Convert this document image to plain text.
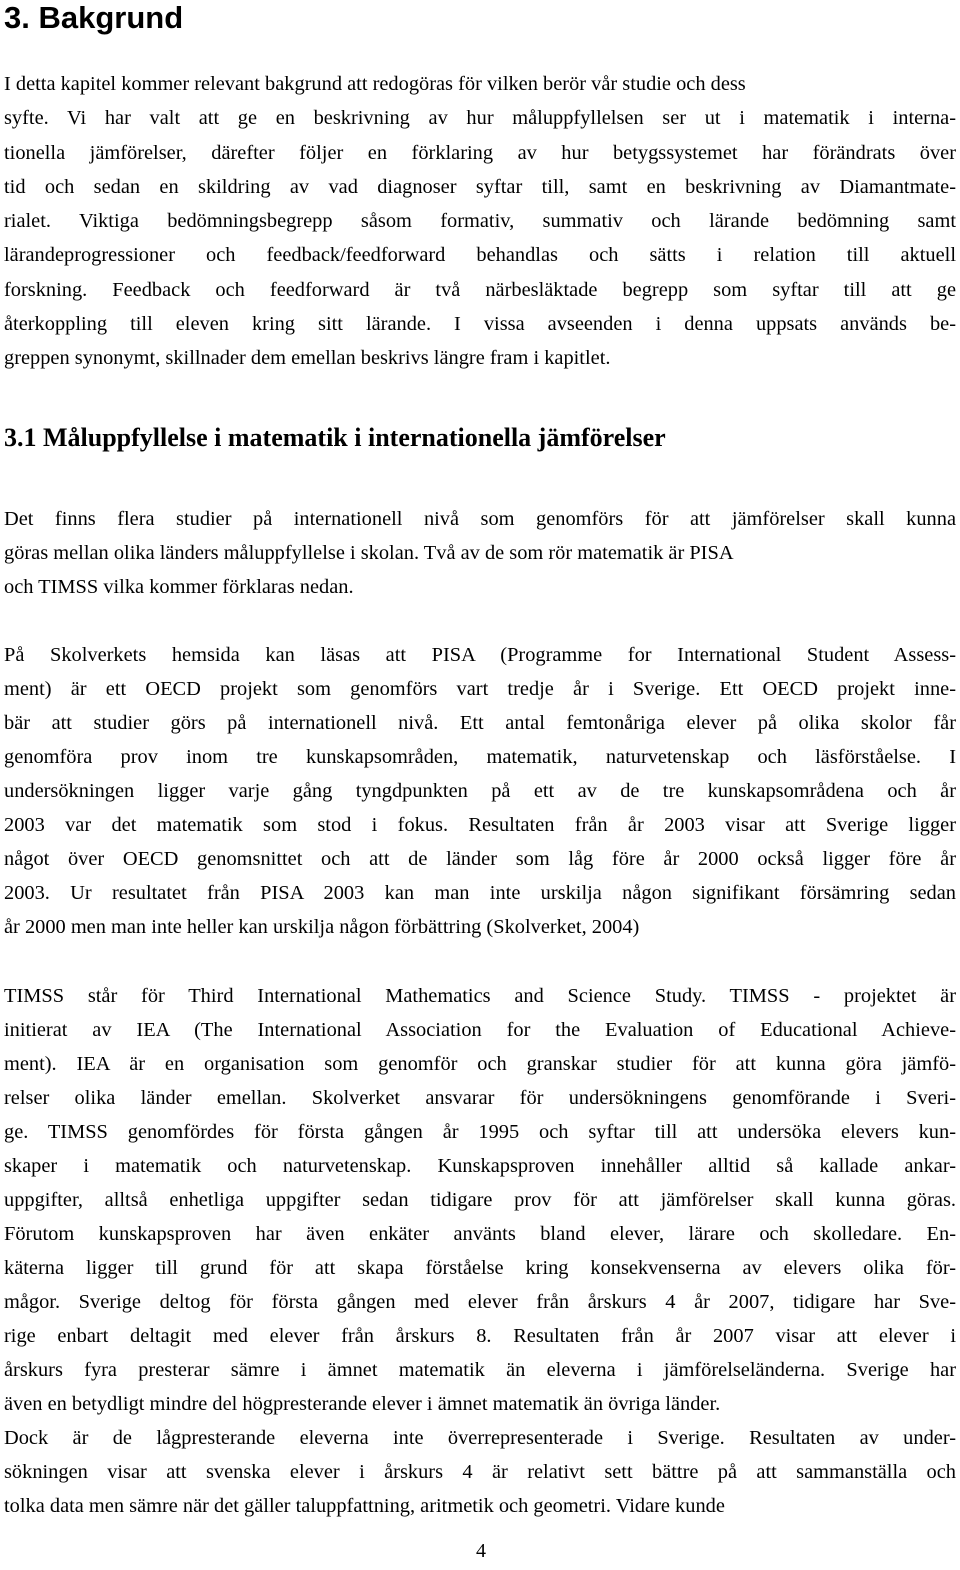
3. Bakgrund
I detta kapitel kommer relevant bakgrund att redogöras för vilken berör vår studie och dess
syfte. Vi har valt att ge en beskrivning av hur måluppfyllelsen ser ut i matematik i interna-
tionella jämförelser, därefter följer en förklaring av hur betygssystemet har förändrats över
tid och sedan en skildring av vad diagnoser syftar till, samt en beskrivning av Diamantmate-
rialet. Viktiga bedömningsbegrepp såsom formativ, summativ och lärande bedömning samt
lärandeprogressioner och feedback/feedforward behandlas och sätts i relation till aktuell
forskning. Feedback och feedforward är två närbesläktade begrepp som syftar till att ge
återkoppling till eleven kring sitt lärande. I vissa avseenden i denna uppsats används be-
greppen synonymt, skillnader dem emellan beskrivs längre fram i kapitlet.
3.1 Måluppfyllelse i matematik i internationella jämförelser
Det finns flera studier på internationell nivå som genomförs för att jämförelser skall kunna
göras mellan olika länders måluppfyllelse i skolan. Två av de som rör matematik är PISA
och TIMSS vilka kommer förklaras nedan.
På Skolverkets hemsida kan läsas att PISA (Programme for International Student Assess-
ment) är ett OECD projekt som genomförs vart tredje år i Sverige. Ett OECD projekt inne-
bär att studier görs på internationell nivå. Ett antal femtonåriga elever på olika skolor får
genomföra prov inom tre kunskapsområden, matematik, naturvetenskap och läsförståelse. I
undersökningen ligger varje gång tyngdpunkten på ett av de tre kunskapsområdena och år
2003 var det matematik som stod i fokus. Resultaten från år 2003 visar att Sverige ligger
något över OECD genomsnittet och att de länder som låg före år 2000 också ligger före år
2003. Ur resultatet från PISA 2003 kan man inte urskilja någon signifikant försämring sedan
år 2000 men man inte heller kan urskilja någon förbättring (Skolverket, 2004)
TIMSS står för Third International Mathematics and Science Study. TIMSS - projektet är
initierat av IEA (The International Association for the Evaluation of Educational Achieve-
ment). IEA är en organisation som genomför och granskar studier för att kunna göra jämfö-
relser olika länder emellan. Skolverket ansvarar för undersökningens genomförande i Sveri-
ge. TIMSS genomfördes för första gången år 1995 och syftar till att undersöka elevers kun-
skaper i matematik och naturvetenskap. Kunskapsproven innehåller alltid så kallade ankar-
uppgifter, alltså enhetliga uppgifter sedan tidigare prov för att jämförelser skall kunna göras.
Förutom kunskapsproven har även enkäter använts bland elever, lärare och skolledare. En-
käterna ligger till grund för att skapa förståelse kring konsekvenserna av elevers olika för-
mågor. Sverige deltog för första gången med elever från årskurs 4 år 2007, tidigare har Sve-
rige enbart deltagit med elever från årskurs 8. Resultaten från år 2007 visar att elever i
årskurs fyra presterar sämre i ämnet matematik än eleverna i jämförelseländerna. Sverige har
även en betydligt mindre del högpresterande elever i ämnet matematik än övriga länder.
Dock är de lågpresterande eleverna inte överrepresenterade i Sverige. Resultaten av under-
sökningen visar att svenska elever i årskurs 4 är relativt sett bättre på att sammanställa och
tolka data men sämre när det gäller taluppfattning, aritmetik och geometri. Vidare kunde
4
